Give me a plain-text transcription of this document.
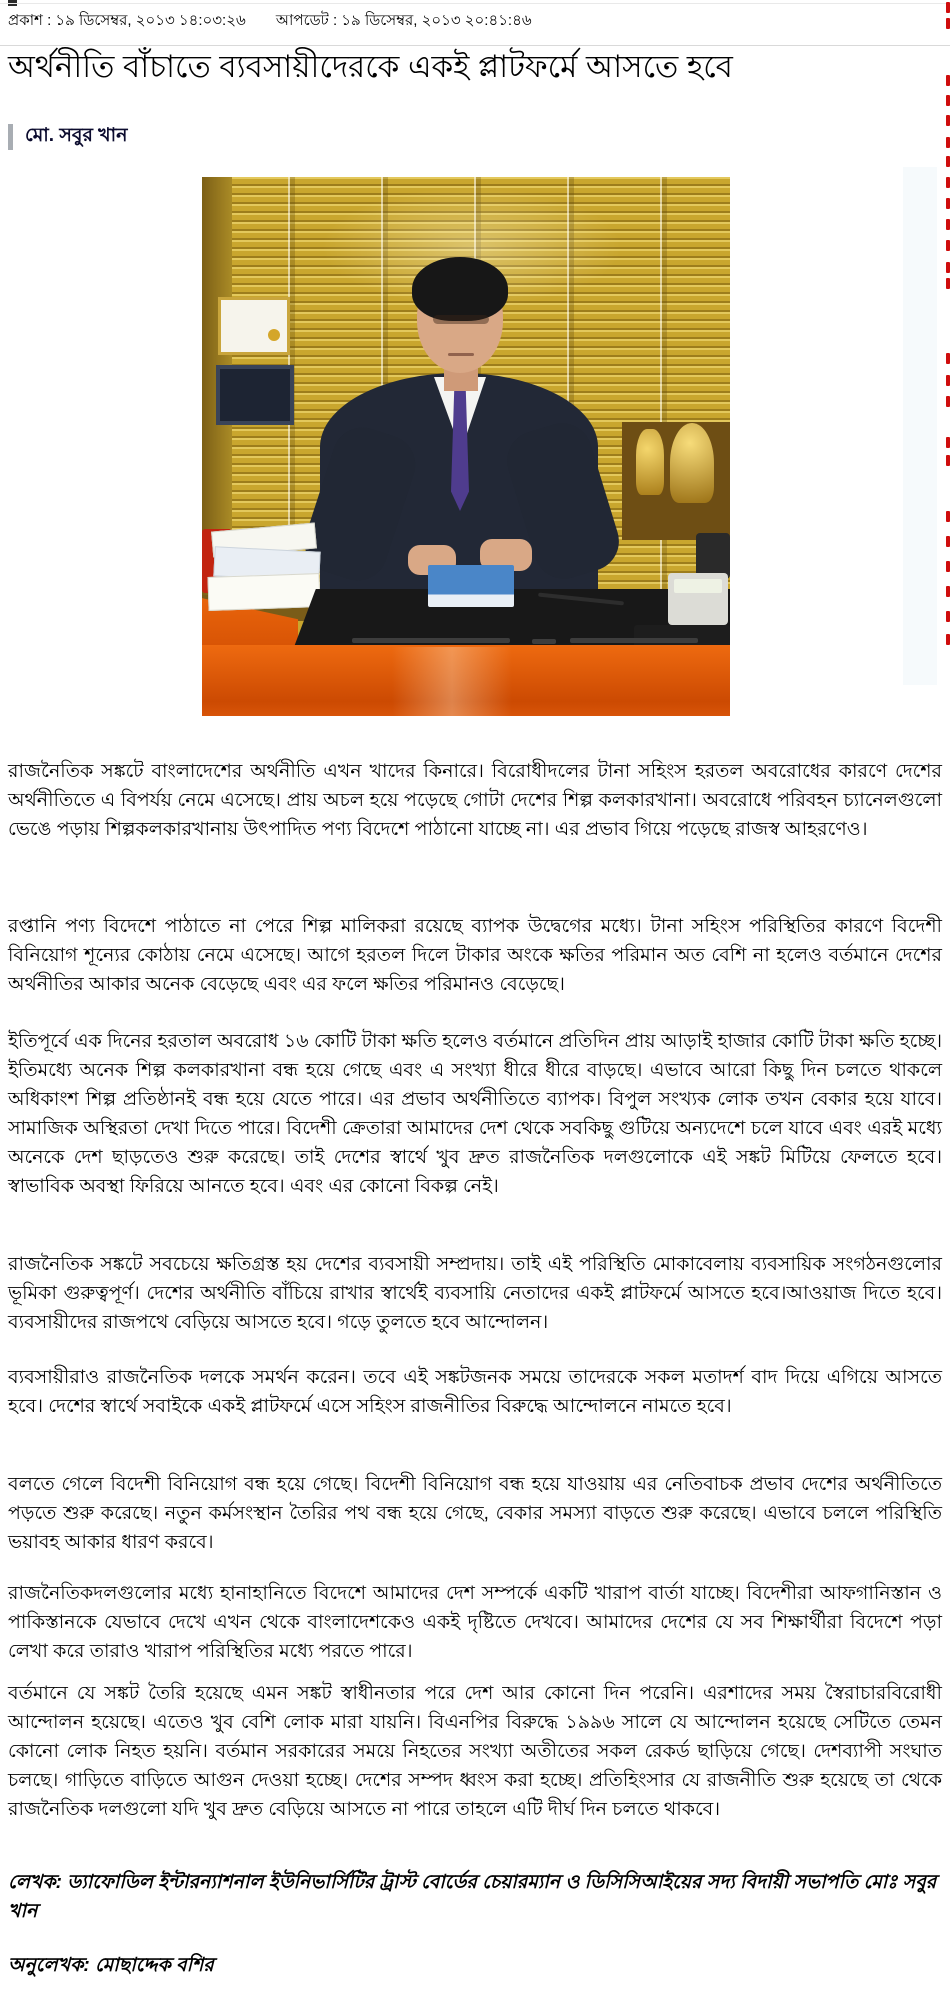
প্রকাশ : ১৯ ডিসেম্বর, ২০১৩ ১৪:০৩:২৬ আপডেট : ১৯ ডিসেম্বর, ২০১৩ ২০:৪১:৪৬
অর্থনীতি বাঁচাতে ব্যবসায়ীদেরকে একই প্লাটফর্মে আসতে হবে
মো. সবুর খান

রাজনৈতিক সঙ্কটে বাংলাদেশের অর্থনীতি এখন খাদের কিনারে। বিরোধীদলের টানা সহিংস হরতল অবরোধের কারণে দেশের অর্থনীতিতে এ বিপর্যয় নেমে এসেছে। প্রায় অচল হয়ে পড়েছে গোটা দেশের শিল্প কলকারখানা। অবরোধে পরিবহন চ্যানেলগুলো ভেঙে পড়ায় শিল্পকলকারখানায় উৎপাদিত পণ্য বিদেশে পাঠানো যাচ্ছে না। এর প্রভাব গিয়ে পড়েছে রাজস্ব আহরণেও।

রপ্তানি পণ্য বিদেশে পাঠাতে না পেরে শিল্প মালিকরা রয়েছে ব্যাপক উদ্বেগের মধ্যে। টানা সহিংস পরিস্থিতির কারণে বিদেশী বিনিয়োগ শূন্যের কোঠায় নেমে এসেছে। আগে হরতল দিলে টাকার অংকে ক্ষতির পরিমান অত বেশি না হলেও বর্তমানে দেশের অর্থনীতির আকার অনেক বেড়েছে এবং এর ফলে ক্ষতির পরিমানও বেড়েছে।

ইতিপূর্বে এক দিনের হরতাল অবরোধ ১৬ কোটি টাকা ক্ষতি হলেও বর্তমানে প্রতিদিন প্রায় আড়াই হাজার কোটি টাকা ক্ষতি হচ্ছে। ইতিমধ্যে অনেক শিল্প কলকারখানা বন্ধ হয়ে গেছে এবং এ সংখ্যা ধীরে ধীরে বাড়ছে। এভাবে আরো কিছু দিন চলতে থাকলে অধিকাংশ শিল্প প্রতিষ্ঠানই বন্ধ হয়ে যেতে পারে। এর প্রভাব অর্থনীতিতে ব্যাপক। বিপুল সংখ্যক লোক তখন বেকার হয়ে যাবে। সামাজিক অস্থিরতা দেখা দিতে পারে। বিদেশী ক্রেতারা আমাদের দেশ থেকে সবকিছু গুটিয়ে অন্যদেশে চলে যাবে এবং এরই মধ্যে অনেকে দেশ ছাড়তেও শুরু করেছে। তাই দেশের স্বার্থে খুব দ্রুত রাজনৈতিক দলগুলোকে এই সঙ্কট মিটিয়ে ফেলতে হবে। স্বাভাবিক অবস্থা ফিরিয়ে আনতে হবে। এবং এর কোনো বিকল্প নেই।

রাজনৈতিক সঙ্কটে সবচেয়ে ক্ষতিগ্রস্ত হয় দেশের ব্যবসায়ী সম্প্রদায়। তাই এই পরিস্থিতি মোকাবেলায় ব্যবসায়িক সংগঠনগুলোর ভূমিকা গুরুত্বপূর্ণ। দেশের অর্থনীতি বাঁচিয়ে রাখার স্বার্থেই ব্যবসায়ি নেতাদের একই প্লাটফর্মে আসতে হবে।আওয়াজ দিতে হবে।ব্যবসায়ীদের রাজপথে বেড়িয়ে আসতে হবে। গড়ে তুলতে হবে আন্দোলন।

ব্যবসায়ীরাও রাজনৈতিক দলকে সমর্থন করেন। তবে এই সঙ্কটজনক সময়ে তাদেরকে সকল মতাদর্শ বাদ দিয়ে এগিয়ে আসতে হবে। দেশের স্বার্থে সবাইকে একই প্লাটফর্মে এসে সহিংস রাজনীতির বিরুদ্ধে আন্দোলনে নামতে হবে।

বলতে গেলে বিদেশী বিনিয়োগ বন্ধ হয়ে গেছে। বিদেশী বিনিয়োগ বন্ধ হয়ে যাওয়ায় এর নেতিবাচক প্রভাব দেশের অর্থনীতিতে পড়তে শুরু করেছে। নতুন কর্মসংস্থান তৈরির পথ বন্ধ হয়ে গেছে, বেকার সমস্যা বাড়তে শুরু করেছে। এভাবে চললে পরিস্থিতি ভয়াবহ আকার ধারণ করবে।

রাজনৈতিকদলগুলোর মধ্যে হানাহানিতে বিদেশে আমাদের দেশ সম্পর্কে একটি খারাপ বার্তা যাচ্ছে। বিদেশীরা আফগানিস্তান ও পাকিস্তানকে যেভাবে দেখে এখন থেকে বাংলাদেশকেও একই দৃষ্টিতে দেখবে। আমাদের দেশের যে সব শিক্ষার্থীরা বিদেশে পড়া লেখা করে তারাও খারাপ পরিস্থিতির মধ্যে পরতে পারে।

বর্তমানে যে সঙ্কট তৈরি হয়েছে এমন সঙ্কট স্বাধীনতার পরে দেশ আর কোনো দিন পরেনি। এরশাদের সময় স্বৈরাচারবিরোধী আন্দোলন হয়েছে। এতেও খুব বেশি লোক মারা যায়নি। বিএনপির বিরুদ্ধে ১৯৯৬ সালে যে আন্দোলন হয়েছে সেটিতে তেমন কোনো লোক নিহত হয়নি। বর্তমান সরকারের সময়ে নিহতের সংখ্যা অতীতের সকল রেকর্ড ছাড়িয়ে গেছে। দেশব্যাপী সংঘাত চলছে। গাড়িতে বাড়িতে আগুন দেওয়া হচ্ছে। দেশের সম্পদ ধ্বংস করা হচ্ছে। প্রতিহিংসার যে রাজনীতি শুরু হয়েছে তা থেকে রাজনৈতিক দলগুলো যদি খুব দ্রুত বেড়িয়ে আসতে না পারে তাহলে এটি দীর্ঘ দিন চলতে থাকবে।

লেখক: ড্যাফোডিল ইন্টারন্যাশনাল ইউনিভার্সিটির ট্রাস্ট বোর্ডের চেয়ারম্যান ও ডিসিসিআইয়ের সদ্য বিদায়ী সভাপতি মোঃ সবুর খান

অনুলেখক: মোছাদ্দেক বশির
